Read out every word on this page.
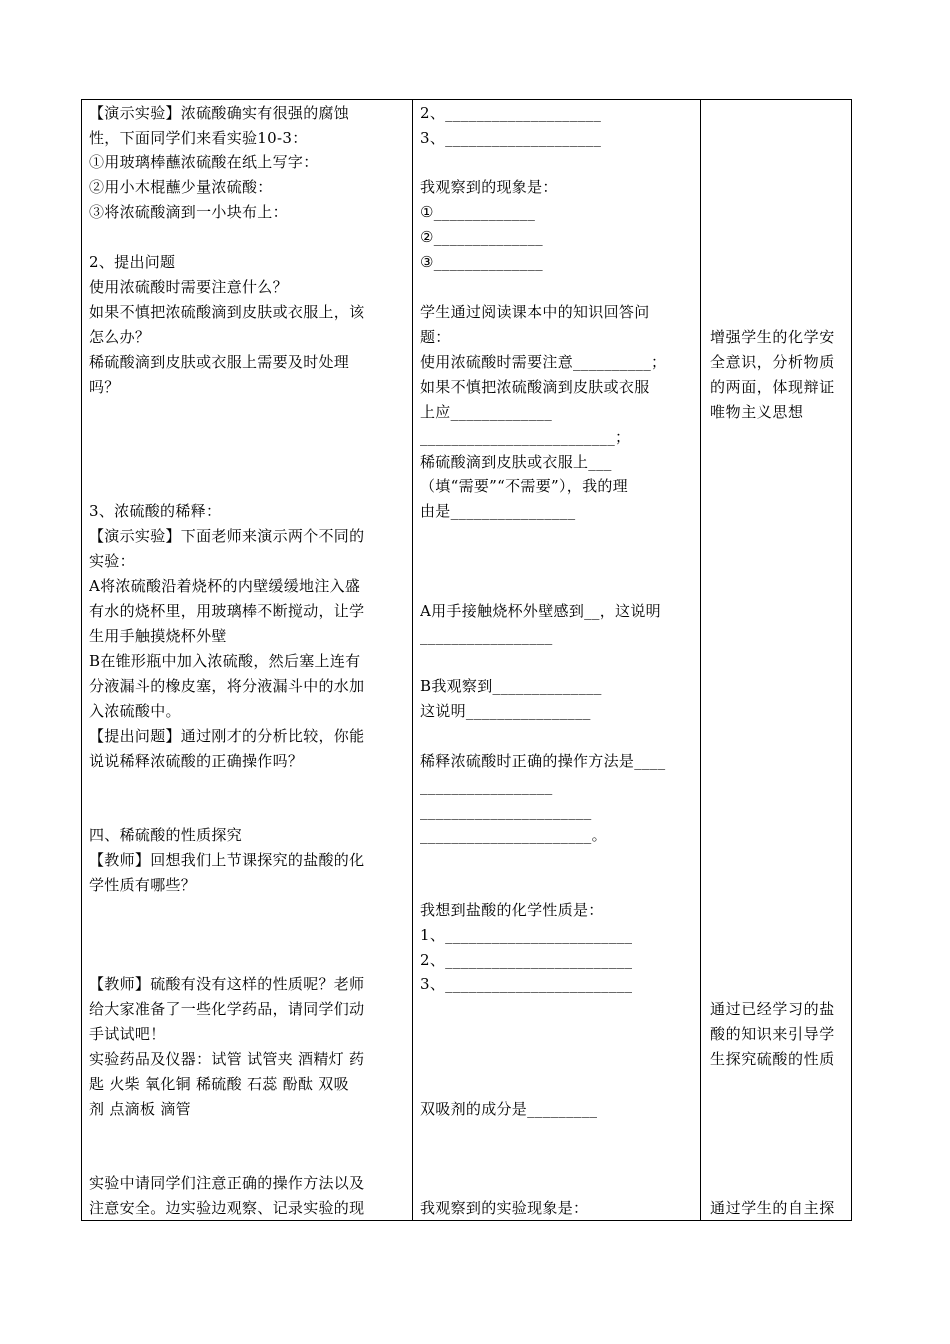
【演示实验】浓硫酸确实有很强的腐蚀
性，下面同学们来看实验10-3：
①用玻璃棒蘸浓硫酸在纸上写字：
②用小木棍蘸少量浓硫酸：
③将浓硫酸滴到一小块布上：
2、提出问题
使用浓硫酸时需要注意什么？
如果不慎把浓硫酸滴到皮肤或衣服上，该
怎么办？
稀硫酸滴到皮肤或衣服上需要及时处理
吗？
3、浓硫酸的稀释：
【演示实验】下面老师来演示两个不同的
实验：
A将浓硫酸沿着烧杯的内壁缓缓地注入盛
有水的烧杯里，用玻璃棒不断搅动，让学
生用手触摸烧杯外壁
B在锥形瓶中加入浓硫酸，然后塞上连有
分液漏斗的橡皮塞，将分液漏斗中的水加
入浓硫酸中。
【提出问题】通过刚才的分析比较，你能
说说稀释浓硫酸的正确操作吗？
四、稀硫酸的性质探究
【教师】回想我们上节课探究的盐酸的化
学性质有哪些？
【教师】硫酸有没有这样的性质呢？老师
给大家准备了一些化学药品，请同学们动
手试试吧！
实验药品及仪器：试管 试管夹 酒精灯 药
匙 火柴 氧化铜 稀硫酸 石蕊 酚酞 双吸
剂 点滴板 滴管
实验中请同学们注意正确的操作方法以及
注意安全。边实验边观察、记录实验的现
2、____________________
3、____________________
我观察到的现象是：
①_____________
②______________
③______________
学生通过阅读课本中的知识回答问
题：
使用浓硫酸时需要注意__________；
如果不慎把浓硫酸滴到皮肤或衣服
上应_____________
_________________________；
稀硫酸滴到皮肤或衣服上___
（填“需要”“不需要”），我的理
由是________________
A用手接触烧杯外壁感到__，这说明
_________________
B我观察到______________
这说明________________
稀释浓硫酸时正确的操作方法是____
_________________
______________________
______________________。
我想到盐酸的化学性质是：
1、________________________
2、________________________
3、________________________
双吸剂的成分是_________
我观察到的实验现象是：
增强学生的化学安
全意识，分析物质
的两面，体现辩证
唯物主义思想
通过已经学习的盐
酸的知识来引导学
生探究硫酸的性质
通过学生的自主探
